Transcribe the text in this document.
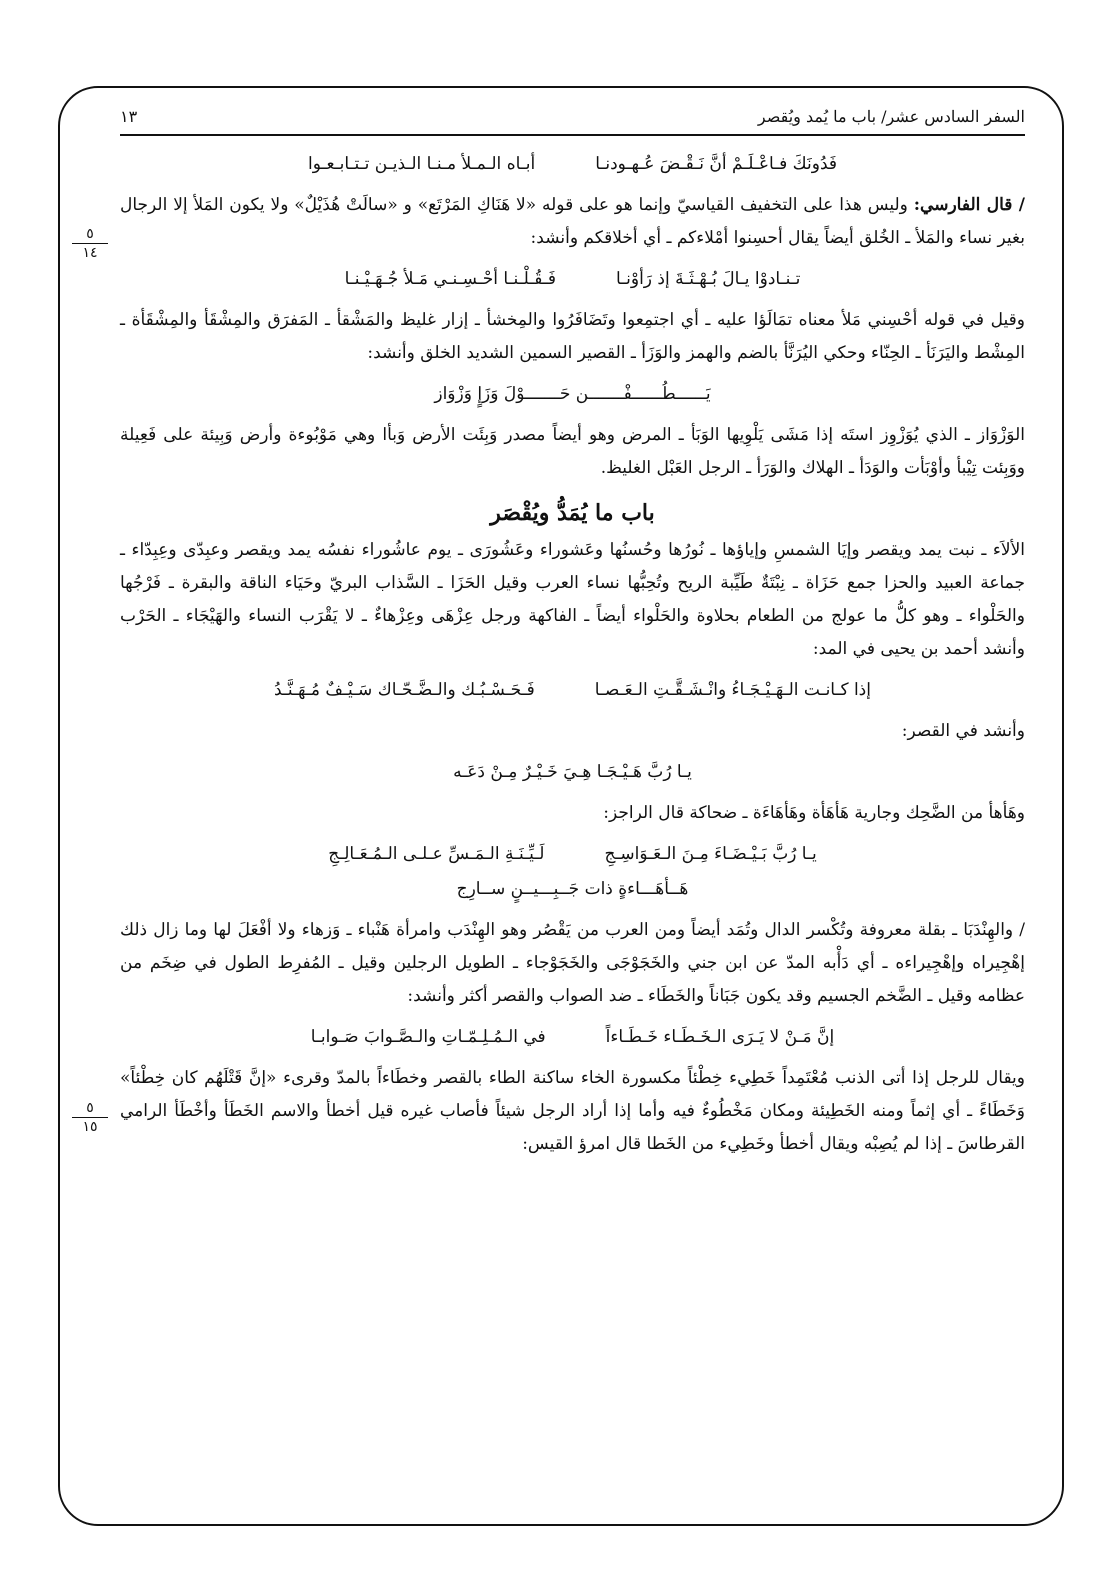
٥
١٤
٥
١٥
السفر السادس عشر/ باب ما يُمد ويُقصر
١٣
فَدُونَكَ فـاعْـلَـمْ أنَّ نَـقْـضَ عُـهـودنـا
أبـاه الـمـلأ مـنـا الـذيـن تـتـابـعـوا

/ قال الفارسي: وليس هذا على التخفيف القياسيّ وإنما هو على قوله «لا هَنَاكِ المَرْتَع» و «سالَتْ هُذَيْلٌ» ولا يكون المَلأ إلا الرجال بغير نساء والمَلأ ـ الخُلق أيضاً يقال أحسِنوا أمْلاءكم ـ أي أخلاقكم وأنشد:

تـنـادوْا يـالَ بُـهْـثَـةَ إذ رَأوْنـا
فَـقُـلْـنـا أحْـسِـنـي مَـلأ جُـهَـيْـنـا

وقيل في قوله أحْسِني مَلأ معناه تمَالَؤا عليه ـ أي اجتمِعوا وتَضَافَرُوا والمِخشأ ـ إزار غليظ والمَشْقأ ـ المَفرَق والمِشْقَأ والمِشْقَأة ـ المِشْط واليَرَنَأ ـ الحِنّاء وحكي اليُرَنَّأ بالضم والهمز والوَزَأ ـ القصير السمين الشديد الخلق وأنشد:

يَــــــطُــــــفْـــــــن حَـــــــوْلَ وَزَإٍ وَزْوَاز

الوَزْوَاز ـ الذي يُوَزْوِز استَه إذا مَشَى يَلْوِيها الوَبَأ ـ المرض وهو أيضاً مصدر وَبِئَت الأرض وَبأا وهي مَوْبُوءة وأرض وَبِيئة على فَعِيلة ووَبِئت تِيْبأ وأوْبَأت والوَدَأ ـ الهلاك والوَرَأ ـ الرجل العَبْل الغليظ.

باب ما يُمَدُّ ويُقْصَر

الألاَء ـ نبت يمد ويقصر وإيَا الشمسِ وإياؤها ـ نُورُها وحُسنُها وعَشوراء وعَشُورَى ـ يوم عاشُوراء نفسُه يمد ويقصر وعبِدّى وعِبِدّاء ـ جماعة العبيد والحزا جمع حَزَاة ـ نِبْتَةٌ طَيِّبة الريح وتُحِبُّها نساء العرب وقيل الحَزَا ـ السَّذاب البريّ وحَيَاء الناقة والبقرة ـ فَرْجُها والحَلْواء ـ وهو كلُّ ما عولج من الطعام بحلاوة والحَلْواء أيضاً ـ الفاكهة ورجل عِزْهَى وعِزْهاءٌ ـ لا يَقْرَب النساء والهَيْجَاء ـ الحَرْب وأنشد أحمد بن يحيى في المد:

إذا كـانـت الـهَـيْـجَـاءُ وانْـشَـقَّـتِ الـعَـصـا
فَـحَـسْـبُـك والـضَّـحّـاك سَـيْـفٌ مُـهَـنَّـدُ

وأنشد في القصر:

يـا رُبَّ هَـيْـجَـا هِـيَ خَـيْـرٌ مِـنْ دَعَـه

وهَأهأ من الضَّحِك وجارية هَأهَأة وهَأهَاءَة ـ ضحاكة قال الراجز:

يـا رُبَّ بَـيْـضَـاءَ مِـنَ الـعَـوَاسِـجِ
لَـيِّـنَـةِ الـمَـسِّ عـلـى الـمُـعَـالِـجِ
هَــأهَـــاءةٍ ذات جَــبِـــيــنٍ ســارِج

/ والهِنْدَبَا ـ بقلة معروفة وتُكْسر الدال وتُمَد أيضاً ومن العرب من يَقْصُر وهو الهِنْدَب وامرأة هَنْباء ـ وَزهاء ولا أفْعَلَ لها وما زال ذلك إهْجِيراه وإهْجِيراءه ـ أي دَأْبه المدّ عن ابن جني والخَجَوْجَى والخَجَوْجاء ـ الطويل الرجلين وقيل ـ المُفرِط الطول في ضِخَم من عظامه وقيل ـ الضَّخم الجسيم وقد يكون جَبَاناً والخَطَاء ـ ضد الصواب والقصر أكثر وأنشد:

إنَّ مَـنْ لا يَـرَى الـخَـطَـاء خَـطَـاءاً
في الـمُـلِـمّـاتِ والـصَّـوابَ صَـوابـا

ويقال للرجل إذا أتى الذنب مُعْتَمِداً خَطِيء خِطْئاً مكسورة الخاء ساكنة الطاء بالقصر وخطَاءاً بالمدّ وقرىء «إنَّ قَتْلَهُم كان خِطْئاً» وَخَطَاءً ـ أي إثماً ومنه الخَطِيئة ومكان مَخْطُوءٌ فيه وأما إذا أراد الرجل شيئاً فأصاب غيره قيل أخطأ والاسم الخَطَأ وأخْطَأ الرامي القرطاسَ ـ إذا لم يُصِبْه ويقال أخطأ وخَطِيء من الخَطا قال امرؤ القيس:
